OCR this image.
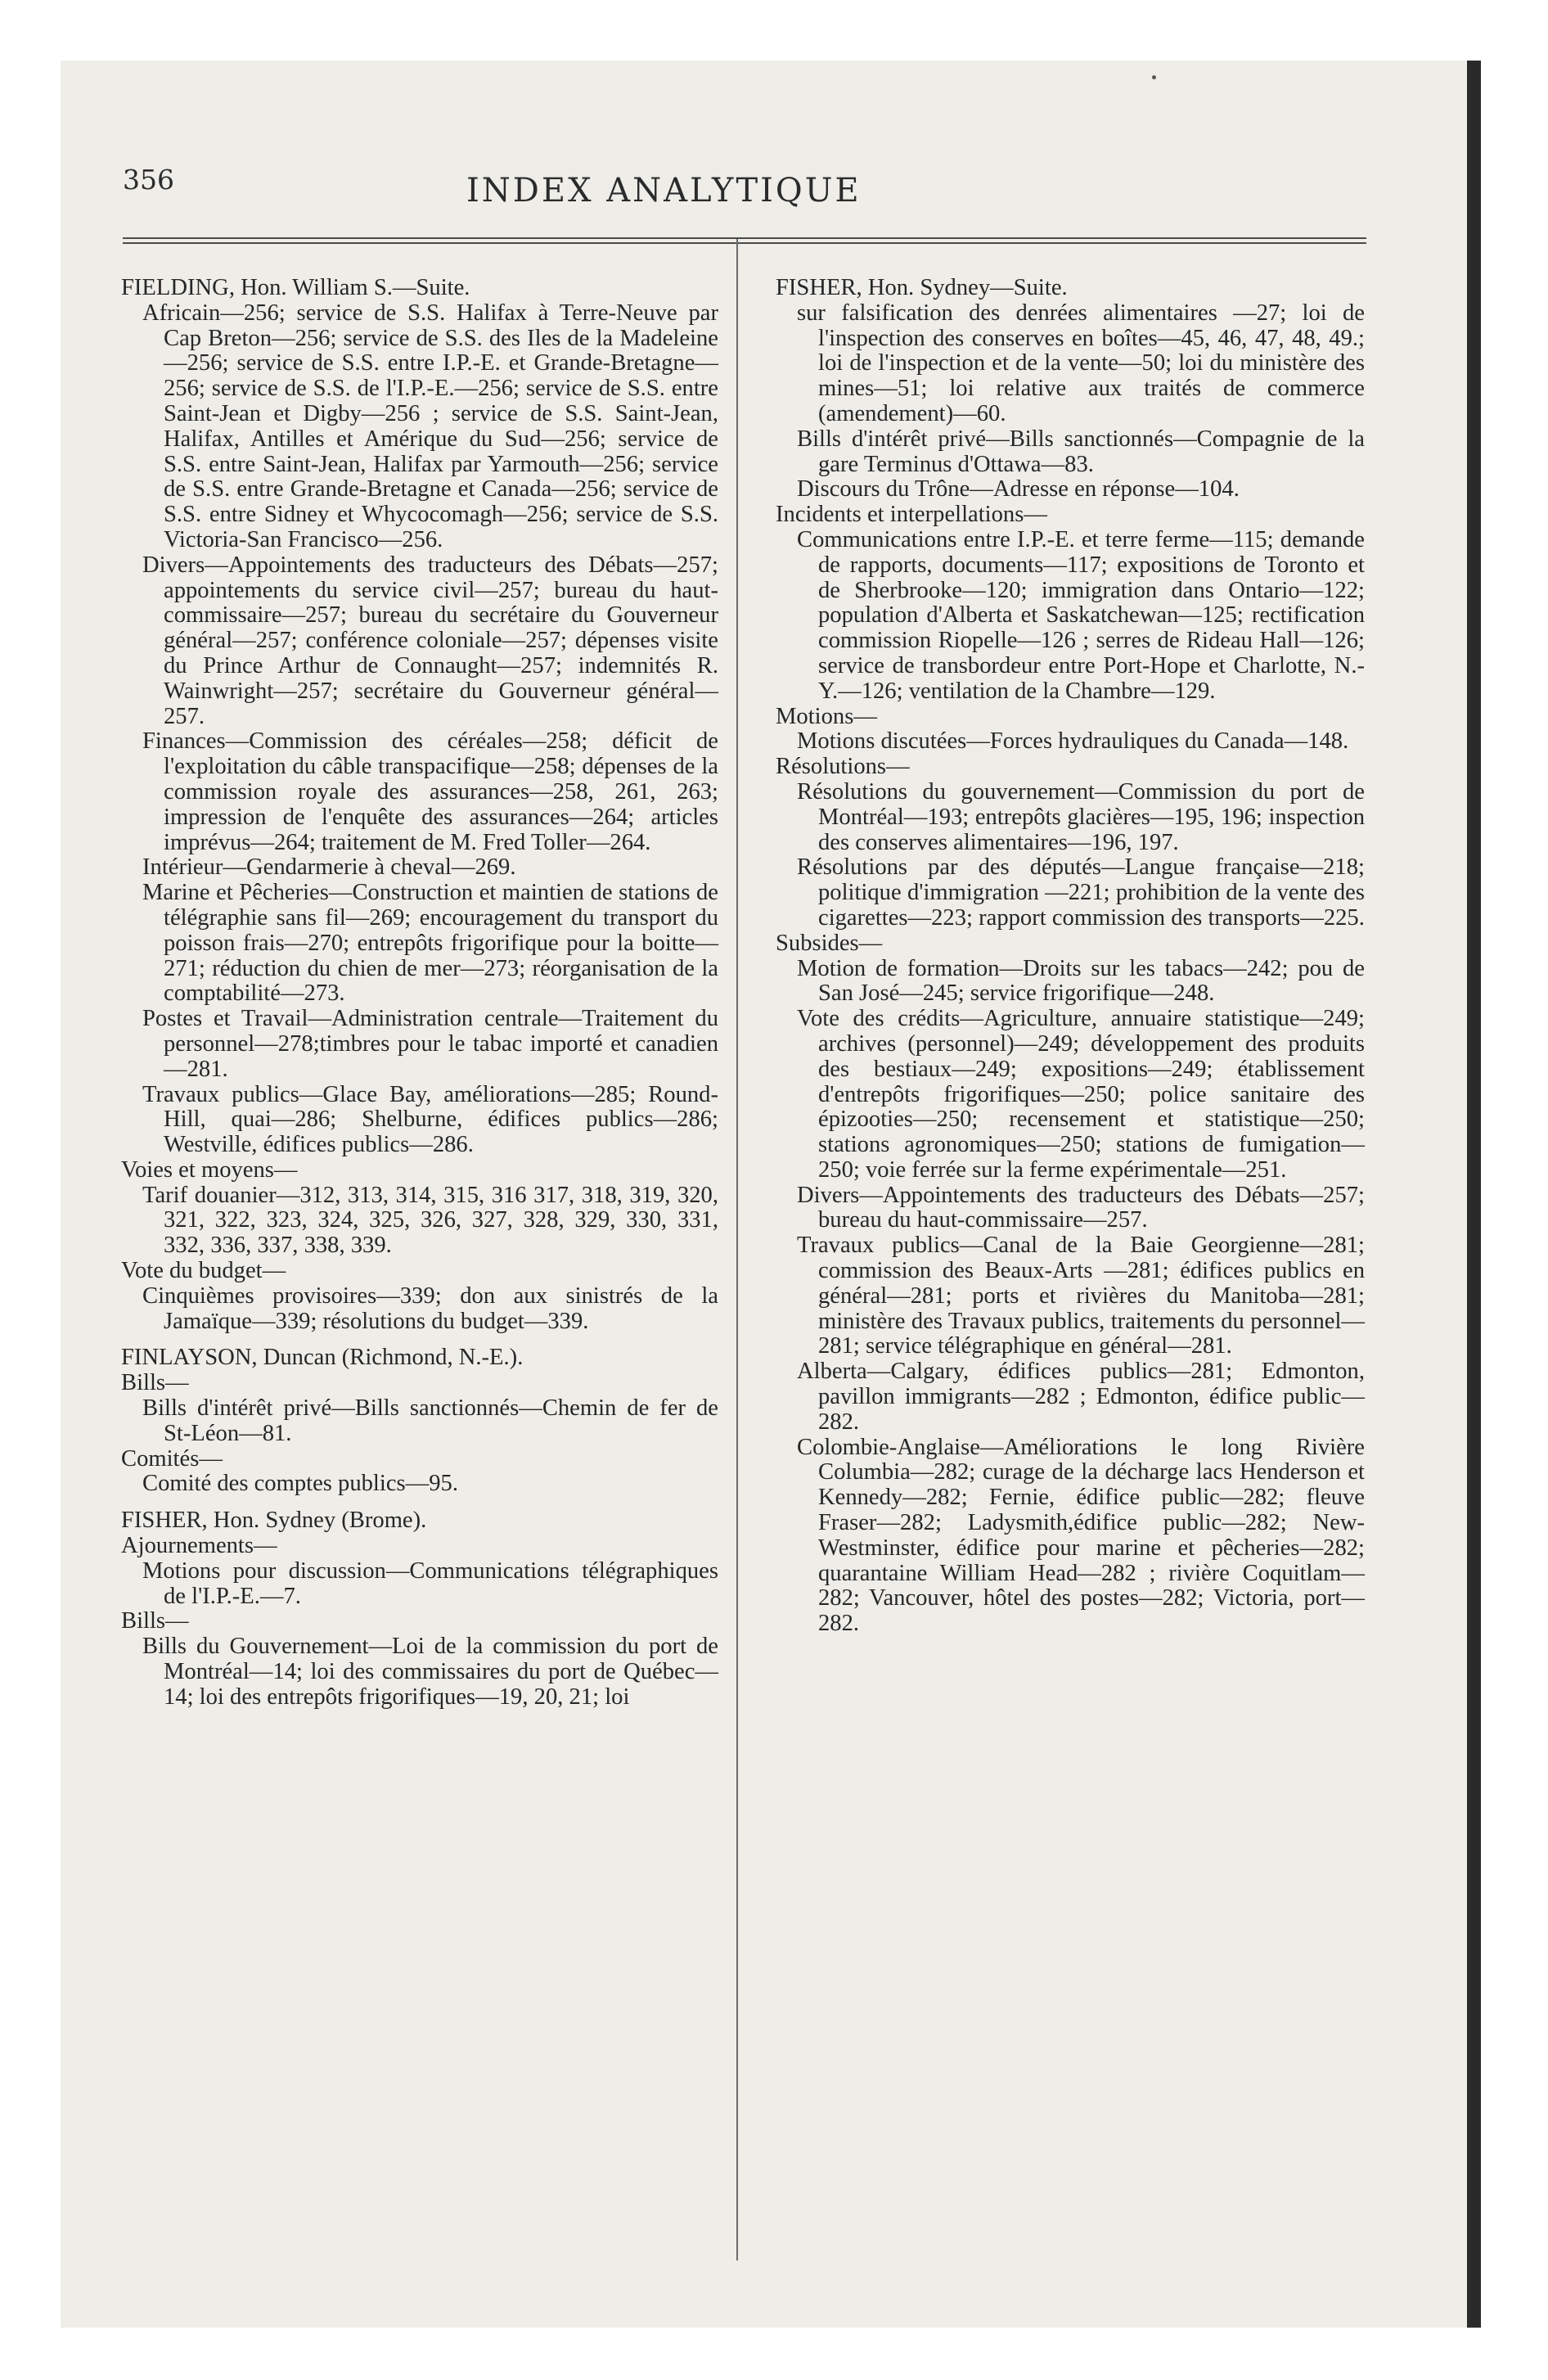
356	INDEX ANALYTIQUE
FIELDING, Hon. William S.—Suite.
Africain—256; service de S.S. Halifax à Terre-Neuve par Cap Breton—256; service de S.S. des Iles de la Madeleine —256; service de S.S. entre I.P.-E. et Grande-Bretagne—256; service de S.S. de l'I.P.-E.—256; service de S.S. entre Saint-Jean et Digby—256 ; service de S.S. Saint-Jean, Halifax, Antilles et Amérique du Sud—256; service de S.S. entre Saint-Jean, Halifax par Yarmouth—256; service de S.S. entre Grande-Bretagne et Canada—256; service de S.S. entre Sidney et Whycocomagh—256; service de S.S. Victoria-San Francisco—256.
Divers—Appointements des traducteurs des Débats—257; appointements du service civil—257; bureau du haut-commissaire—257; bureau du secrétaire du Gouverneur général—257; conférence coloniale—257; dépenses visite du Prince Arthur de Connaught—257; indemnités R. Wainwright—257; secrétaire du Gouverneur général—257.
Finances—Commission des céréales—258; déficit de l'exploitation du câble transpacifique—258; dépenses de la commission royale des assurances—258, 261, 263; impression de l'enquête des assurances—264; articles imprévus—264; traitement de M. Fred Toller—264.
Intérieur—Gendarmerie à cheval—269.
Marine et Pêcheries—Construction et maintien de stations de télégraphie sans fil—269; encouragement du transport du poisson frais—270; entrepôts frigorifique pour la boitte—271; réduction du chien de mer—273; réorganisation de la comptabilité—273.
Postes et Travail—Administration centrale—Traitement du personnel—278;timbres pour le tabac importé et canadien —281.
Travaux publics—Glace Bay, améliorations—285; Round-Hill, quai—286; Shelburne, édifices publics—286; Westville, édifices publics—286.
Voies et moyens—
Tarif douanier—312, 313, 314, 315, 316 317, 318, 319, 320, 321, 322, 323, 324, 325, 326, 327, 328, 329, 330, 331, 332, 336, 337, 338, 339.
Vote du budget—
Cinquièmes provisoires—339; don aux sinistrés de la Jamaïque—339; résolutions du budget—339.
FINLAYSON, Duncan (Richmond, N.-E.).
Bills—
Bills d'intérêt privé—Bills sanctionnés—Chemin de fer de St-Léon—81.
Comités—
Comité des comptes publics—95.
FISHER, Hon. Sydney (Brome).
Ajournements—
Motions pour discussion—Communications télégraphiques de l'I.P.-E.—7.
Bills—
Bills du Gouvernement—Loi de la commission du port de Montréal—14; loi des commissaires du port de Québec—14; loi des entrepôts frigorifiques—19, 20, 21; loi
FISHER, Hon. Sydney—Suite.
sur falsification des denrées alimentaires —27; loi de l'inspection des conserves en boîtes—45, 46, 47, 48, 49.; loi de l'inspection et de la vente—50; loi du ministère des mines—51; loi relative aux traités de commerce (amendement)—60.
Bills d'intérêt privé—Bills sanctionnés—Compagnie de la gare Terminus d'Ottawa—83.
Discours du Trône—Adresse en réponse—104.
Incidents et interpellations—
Communications entre I.P.-E. et terre ferme—115; demande de rapports, documents—117; expositions de Toronto et de Sherbrooke—120; immigration dans Ontario—122; population d'Alberta et Saskatchewan—125; rectification commission Riopelle—126 ; serres de Rideau Hall—126; service de transbordeur entre Port-Hope et Charlotte, N.-Y.—126; ventilation de la Chambre—129.
Motions—
Motions discutées—Forces hydrauliques du Canada—148.
Résolutions—
Résolutions du gouvernement—Commission du port de Montréal—193; entrepôts glacières—195, 196; inspection des conserves alimentaires—196, 197.
Résolutions par des députés—Langue française—218; politique d'immigration —221; prohibition de la vente des cigarettes—223; rapport commission des transports—225.
Subsides—
Motion de formation—Droits sur les tabacs—242; pou de San José—245; service frigorifique—248.
Vote des crédits—Agriculture, annuaire statistique—249; archives (personnel)—249; développement des produits des bestiaux—249; expositions—249; établissement d'entrepôts frigorifiques—250; police sanitaire des épizooties—250; recensement et statistique—250; stations agronomiques—250; stations de fumigation—250; voie ferrée sur la ferme expérimentale—251.
Divers—Appointements des traducteurs des Débats—257; bureau du haut-commissaire—257.
Travaux publics—Canal de la Baie Georgienne—281; commission des Beaux-Arts —281; édifices publics en général—281; ports et rivières du Manitoba—281; ministère des Travaux publics, traitements du personnel—281; service télégraphique en général—281.
Alberta—Calgary, édifices publics—281; Edmonton, pavillon immigrants—282 ; Edmonton, édifice public—282.
Colombie-Anglaise—Améliorations le long Rivière Columbia—282; curage de la décharge lacs Henderson et Kennedy—282; Fernie, édifice public—282; fleuve Fraser—282; Ladysmith,édifice public—282; New-Westminster, édifice pour marine et pêcheries—282; quarantaine William Head—282 ; rivière Coquitlam—282; Vancouver, hôtel des postes—282; Victoria, port—282.
